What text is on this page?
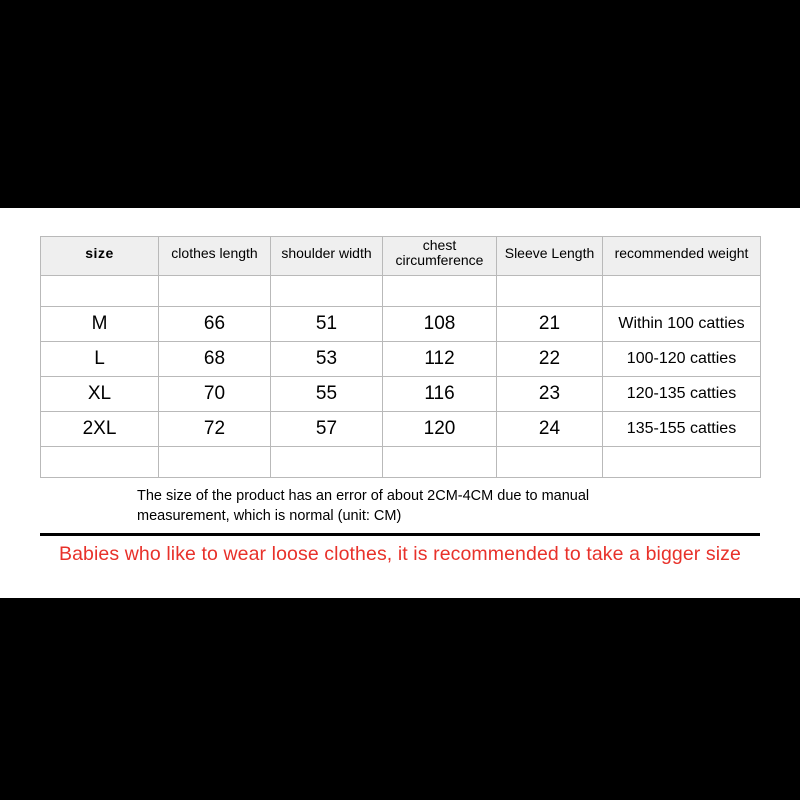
size	clothes length	shoulder width	chest circumference	Sleeve Length	recommended weight

M	66	51	108	21	Within 100 catties
L	68	53	112	22	100-120 catties
XL	70	55	116	23	120-135 catties
2XL	72	57	120	24	135-155 catties

The size of the product has an error of about 2CM-4CM due to manual
measurement, which is normal (unit: CM)
Babies who like to wear loose clothes, it is recommended to take a bigger size
